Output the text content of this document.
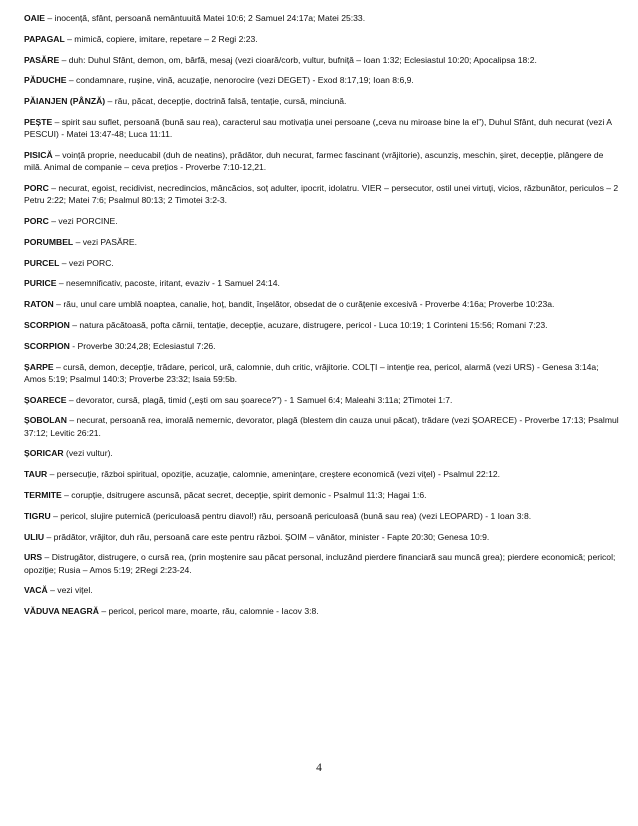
OAIE – inocență, sfânt, persoană nemântuuită Matei 10:6; 2 Samuel 24:17a; Matei 25:33.

PAPAGAL – mimică, copiere, imitare, repetare – 2 Regi 2:23.

PASĂRE – duh: Duhul Sfânt, demon, om, bârfă, mesaj (vezi cioară/corb, vultur, bufniță – Ioan 1:32; Eclesiastul 10:20; Apocalipsa 18:2.

PĂDUCHE – condamnare, rușine, vină, acuzație, nenorocire (vezi DEGET) - Exod 8:17,19; Ioan 8:6,9.

PĂIANJEN (PÂNZĂ) – rău, păcat, decepție, doctrină falsă, tentație, cursă, minciună.

PEȘTE – spirit sau suflet, persoană (bună sau rea), caracterul sau motivația unei persoane („ceva nu miroase bine la el”), Duhul Sfânt, duh necurat (vezi A PESCUI) - Matei 13:47-48; Luca 11:11.

PISICĂ – voință proprie, needucabil (duh de neatins), prădător, duh necurat, farmec fascinant (vrăjitorie), ascunziș, meschin, șiret, decepție, plângere de milă. Animal de companie – ceva prețios - Proverbe 7:10-12,21.

PORC – necurat, egoist, recidivist, necredincios, mâncăcios, soț adulter, ipocrit, idolatru. VIER – persecutor, ostil unei virtuți, vicios, răzbunător, periculos – 2 Petru 2:22; Matei 7:6; Psalmul 80:13; 2 Timotei 3:2-3.

PORC – vezi PORCINE.

PORUMBEL – vezi PASĂRE.

PURCEL – vezi PORC.

PURICE – nesemnificativ, pacoste, iritant, evaziv - 1 Samuel 24:14.

RATON – rău, unul care umblă noaptea, canalie, hoț, bandit, înșelător, obsedat de o curățenie excesivă - Proverbe 4:16a; Proverbe 10:23a.

SCORPION – natura păcătoasă, pofta cărnii, tentație, decepție, acuzare, distrugere, pericol - Luca 10:19; 1 Corinteni 15:56; Romani 7:23.

SCORPION - Proverbe 30:24,28; Eclesiastul 7:26.

ȘARPE – cursă, demon, decepție, trădare, pericol, ură, calomnie, duh critic, vrăjitorie. COLȚI – intenție rea, pericol, alarmă (vezi URS) - Genesa 3:14a; Amos 5:19; Psalmul 140:3; Proverbe 23:32; Isaia 59:5b.

ȘOARECE – devorator, cursă, plagă, timid („ești om sau șoarece?”) - 1 Samuel 6:4; Maleahi 3:11a; 2Timotei 1:7.

ȘOBOLAN – necurat, persoană rea, imorală nemernic, devorator, plagă (blestem din cauza unui păcat), trădare (vezi ȘOARECE) - Proverbe 17:13; Psalmul 37:12; Levitic 26:21.

ȘORICAR (vezi vultur).

TAUR – persecuție, război spiritual, opoziție, acuzație, calomnie, amenințare, creștere economică (vezi vițel) - Psalmul 22:12.

TERMITE – corupție, dsitrugere ascunsă, păcat secret, decepție, spirit demonic - Psalmul 11:3; Hagai 1:6.

TIGRU – pericol, slujire puternică (periculoasă pentru diavol!) rău, persoană periculoasă (bună sau rea) (vezi LEOPARD) - 1 Ioan 3:8.

ULIU – prădător, vrăjitor, duh rău, persoană care este pentru război. ȘOIM – vânător, minister - Fapte 20:30; Genesa 10:9.

URS – Distrugător, distrugere, o cursă rea, (prin moștenire sau păcat personal, incluzând pierdere financiară sau muncă grea); pierdere economică; pericol; opoziție; Rusia – Amos 5:19; 2Regi 2:23-24.

VACĂ – vezi vițel.

VĂDUVA NEAGRĂ – pericol, pericol mare, moarte, rău, calomnie - Iacov 3:8.

4
